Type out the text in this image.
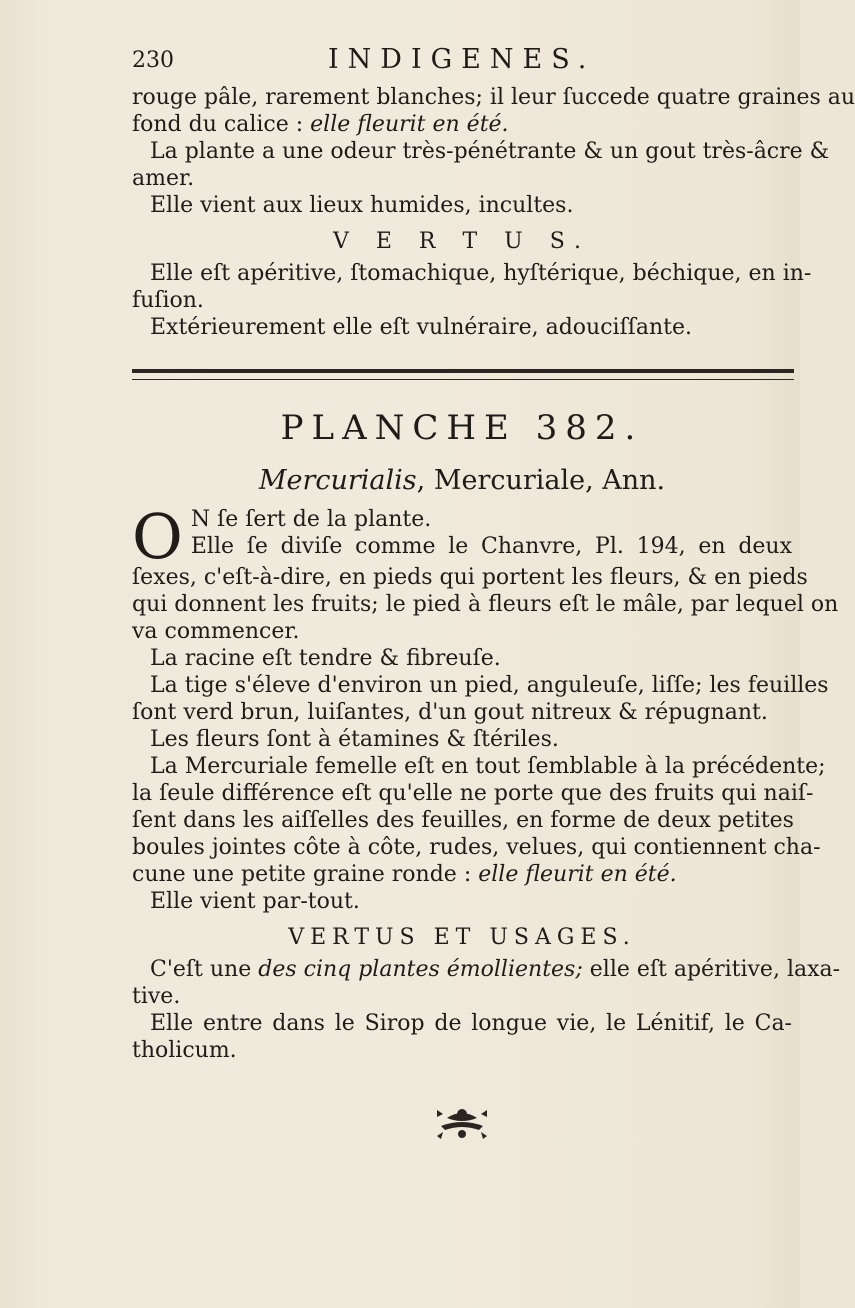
230	INDIGENES.
rouge pâle, rarement blanches; il leur ſuccede quatre graines au
fond du calice : elle fleurit en été.
La plante a une odeur très-pénétrante & un gout très-âcre &
amer.
Elle vient aux lieux humides, incultes.
V E R T U S.
Elle eſt apéritive, ſtomachique, hyſtérique, béchique, en in-
fuſion.
Extérieurement elle eſt vulnéraire, adouciſſante.
PLANCHE 382.
Mercurialis, Mercuriale, Ann.
O N ſe ſert de la plante.
Elle ſe diviſe comme le Chanvre, Pl. 194, en deux
ſexes, c'eſt-à-dire, en pieds qui portent les fleurs, & en pieds
qui donnent les fruits; le pied à fleurs eſt le mâle, par lequel on
va commencer.
La racine eſt tendre & fibreuſe.
La tige s'éleve d'environ un pied, anguleuſe, liſſe; les feuilles
ſont verd brun, luiſantes, d'un gout nitreux & répugnant.
Les fleurs ſont à étamines & ſtériles.
La Mercuriale femelle eſt en tout ſemblable à la précédente;
la ſeule différence eſt qu'elle ne porte que des fruits qui naiſ-
ſent dans les aiſſelles des feuilles, en forme de deux petites
boules jointes côte à côte, rudes, velues, qui contiennent cha-
cune une petite graine ronde : elle fleurit en été.
Elle vient par-tout.
VERTUS ET USAGES.
C'eſt une des cinq plantes émollientes; elle eſt apéritive, laxa-
tive.
Elle entre dans le Sirop de longue vie, le Lénitif, le Ca-
tholicum.
